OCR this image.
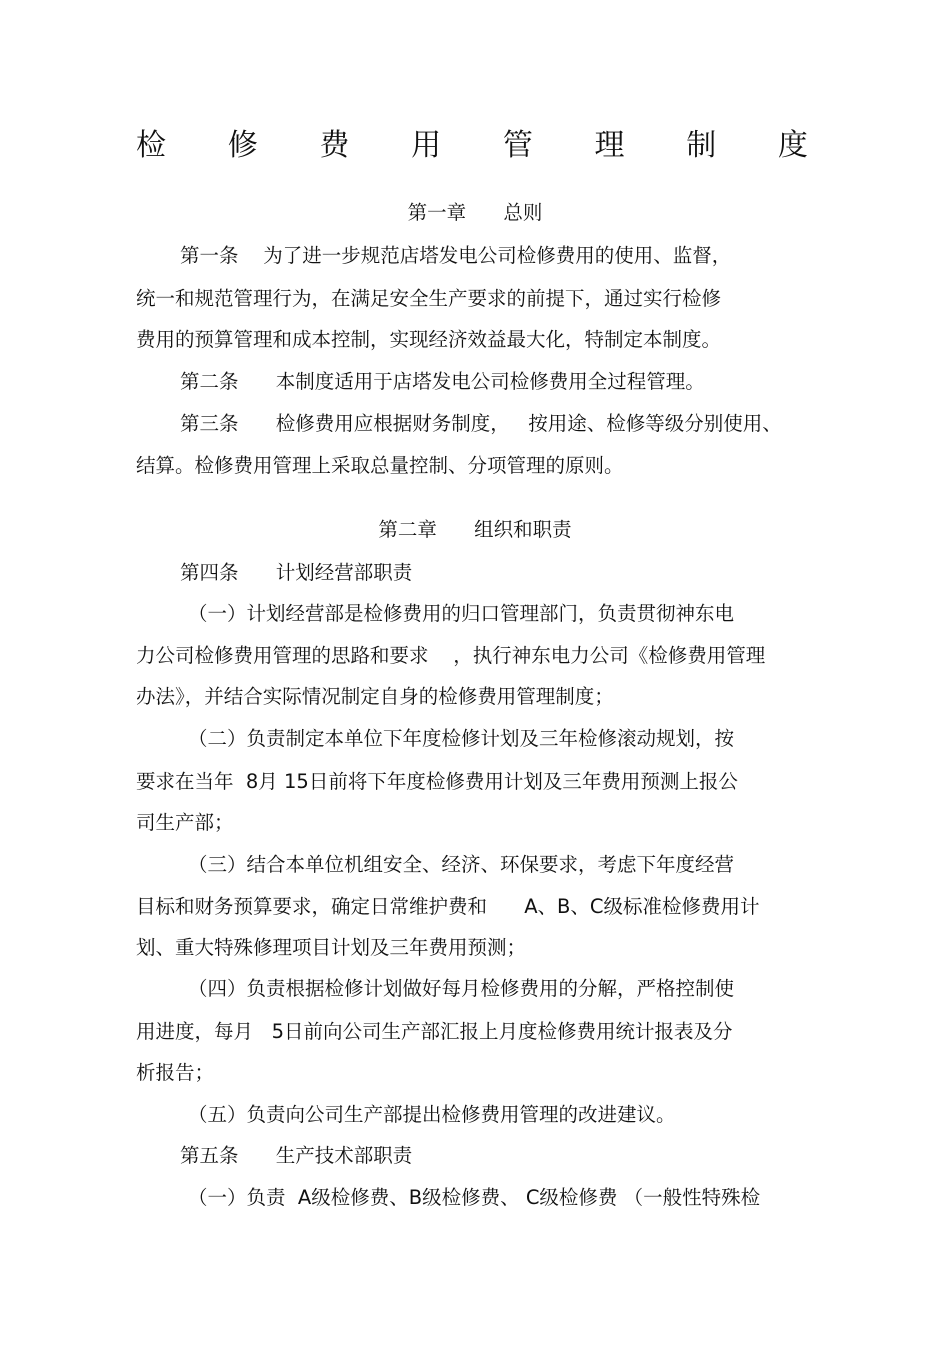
检 修 费 用 管 理 制 度
第一章      总则
第一条    为了进一步规范店塔发电公司检修费用的使用、监督，
统一和规范管理行为，在满足安全生产要求的前提下，通过实行检修
费用的预算管理和成本控制，实现经济效益最大化，特制定本制度。
第二条      本制度适用于店塔发电公司检修费用全过程管理。
第三条      检修费用应根据财务制度，   按用途、检修等级分别使用、
结算。检修费用管理上采取总量控制、分项管理的原则。
第二章      组织和职责
第四条      计划经营部职责
（一）计划经营部是检修费用的归口管理部门，负责贯彻神东电
力公司检修费用管理的思路和要求    ，执行神东电力公司《检修费用管理
办法》，并结合实际情况制定自身的检修费用管理制度；
（二）负责制定本单位下年度检修计划及三年检修滚动规划，按
要求在当年  8月 15日前将下年度检修费用计划及三年费用预测上报公
司生产部；
（三）结合本单位机组安全、经济、环保要求，考虑下年度经营
目标和财务预算要求，确定日常维护费和      A、B、C级标准检修费用计
划、重大特殊修理项目计划及三年费用预测；
（四）负责根据检修计划做好每月检修费用的分解，严格控制使
用进度，每月   5日前向公司生产部汇报上月度检修费用统计报表及分
析报告；
（五）负责向公司生产部提出检修费用管理的改进建议。
第五条      生产技术部职责
（一）负责  A级检修费、B级检修费、 C级检修费 （一般性特殊检
